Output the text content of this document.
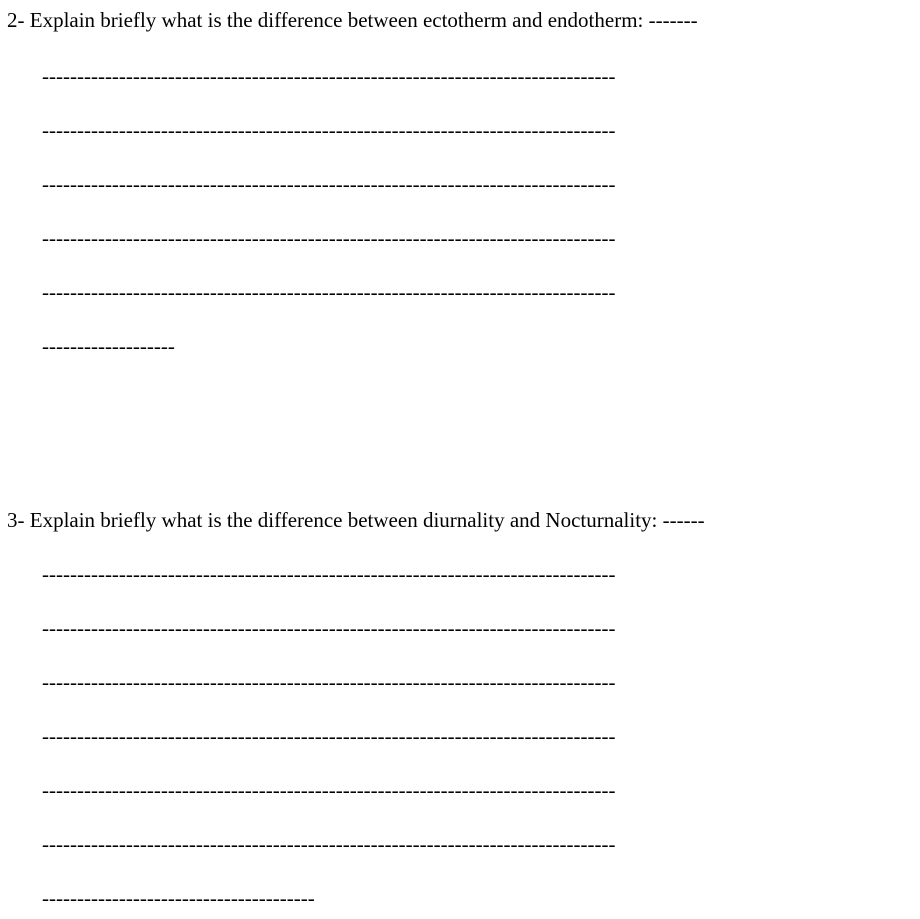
2- Explain briefly what is the difference between ectotherm and endotherm: -------
----------------------------------------------------------------------------------
----------------------------------------------------------------------------------
----------------------------------------------------------------------------------
----------------------------------------------------------------------------------
----------------------------------------------------------------------------------
-------------------
3- Explain briefly what is the difference between diurnality and Nocturnality: ------
----------------------------------------------------------------------------------
----------------------------------------------------------------------------------
----------------------------------------------------------------------------------
----------------------------------------------------------------------------------
----------------------------------------------------------------------------------
----------------------------------------------------------------------------------
---------------------------------------
